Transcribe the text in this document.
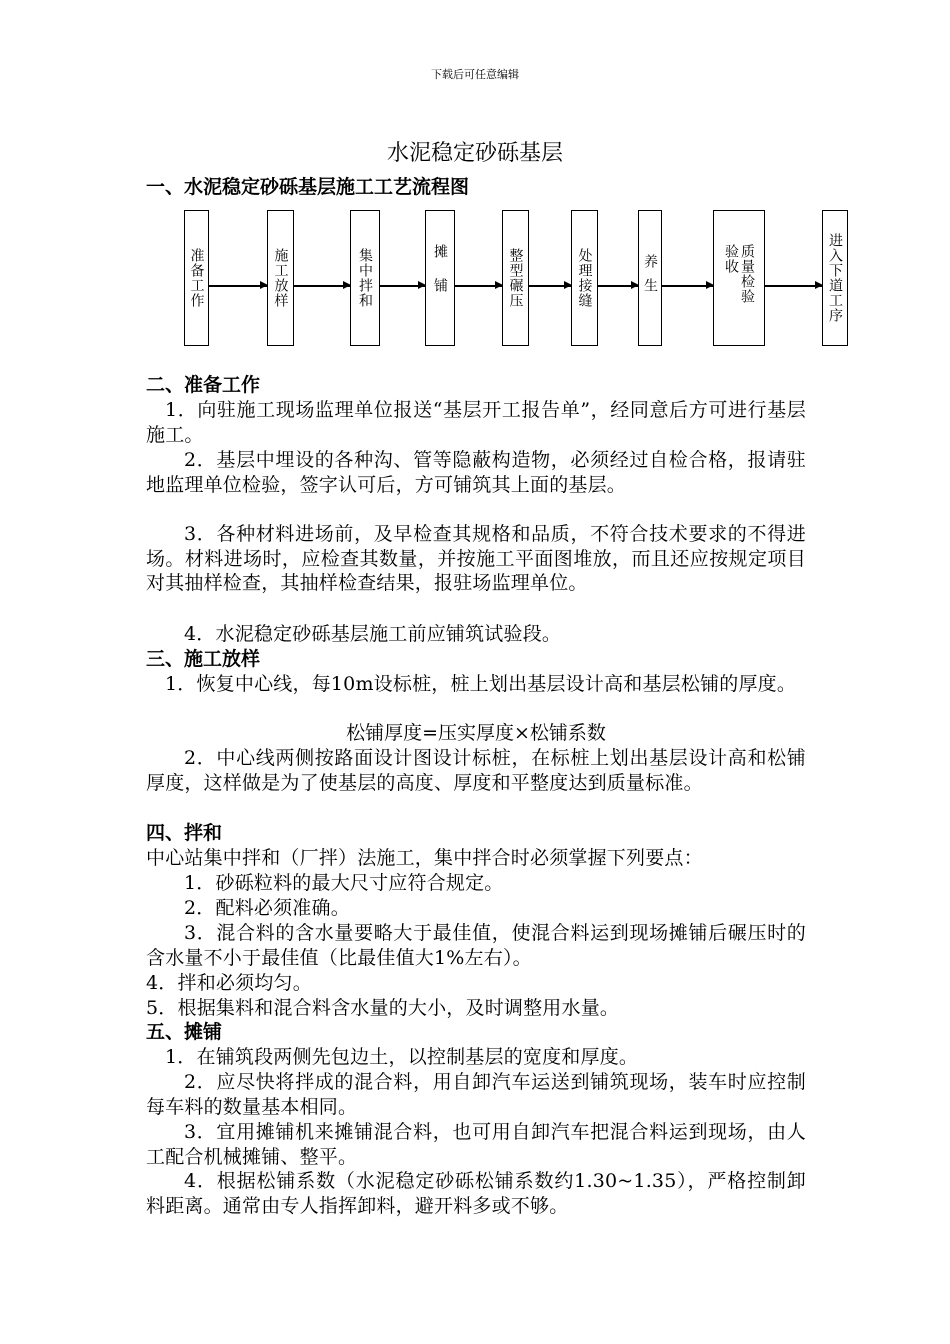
下载后可任意编辑
水泥稳定砂砾基层
一、水泥稳定砂砾基层施工工艺流程图
准备工作	施工放样	集中拌和	摊铺	整型碾压	处理接缝	养生	质量检验验收	进入下道工序
二、准备工作
1．向驻施工现场监理单位报送“基层开工报告单”，经同意后方可进行基层施工。
2．基层中埋设的各种沟、管等隐蔽构造物，必须经过自检合格，报请驻地监理单位检验，签字认可后，方可铺筑其上面的基层。
3．各种材料进场前，及早检查其规格和品质，不符合技术要求的不得进场。材料进场时，应检查其数量，并按施工平面图堆放，而且还应按规定项目对其抽样检查，其抽样检查结果，报驻场监理单位。
4．水泥稳定砂砾基层施工前应铺筑试验段。
三、施工放样
1．恢复中心线，每10m设标桩，桩上划出基层设计高和基层松铺的厚度。
松铺厚度=压实厚度×松铺系数
2．中心线两侧按路面设计图设计标桩，在标桩上划出基层设计高和松铺厚度，这样做是为了使基层的高度、厚度和平整度达到质量标准。
四、拌和
中心站集中拌和（厂拌）法施工，集中拌合时必须掌握下列要点：
1．砂砾粒料的最大尺寸应符合规定。
2．配料必须准确。
3．混合料的含水量要略大于最佳值，使混合料运到现场摊铺后碾压时的含水量不小于最佳值（比最佳值大1%左右）。
4．拌和必须均匀。
5．根据集料和混合料含水量的大小，及时调整用水量。
五、摊铺
1．在铺筑段两侧先包边土，以控制基层的宽度和厚度。
2．应尽快将拌成的混合料，用自卸汽车运送到铺筑现场，装车时应控制每车料的数量基本相同。
3．宜用摊铺机来摊铺混合料，也可用自卸汽车把混合料运到现场，由人工配合机械摊铺、整平。
4．根据松铺系数（水泥稳定砂砾松铺系数约1.30~1.35），严格控制卸料距离。通常由专人指挥卸料，避开料多或不够。
